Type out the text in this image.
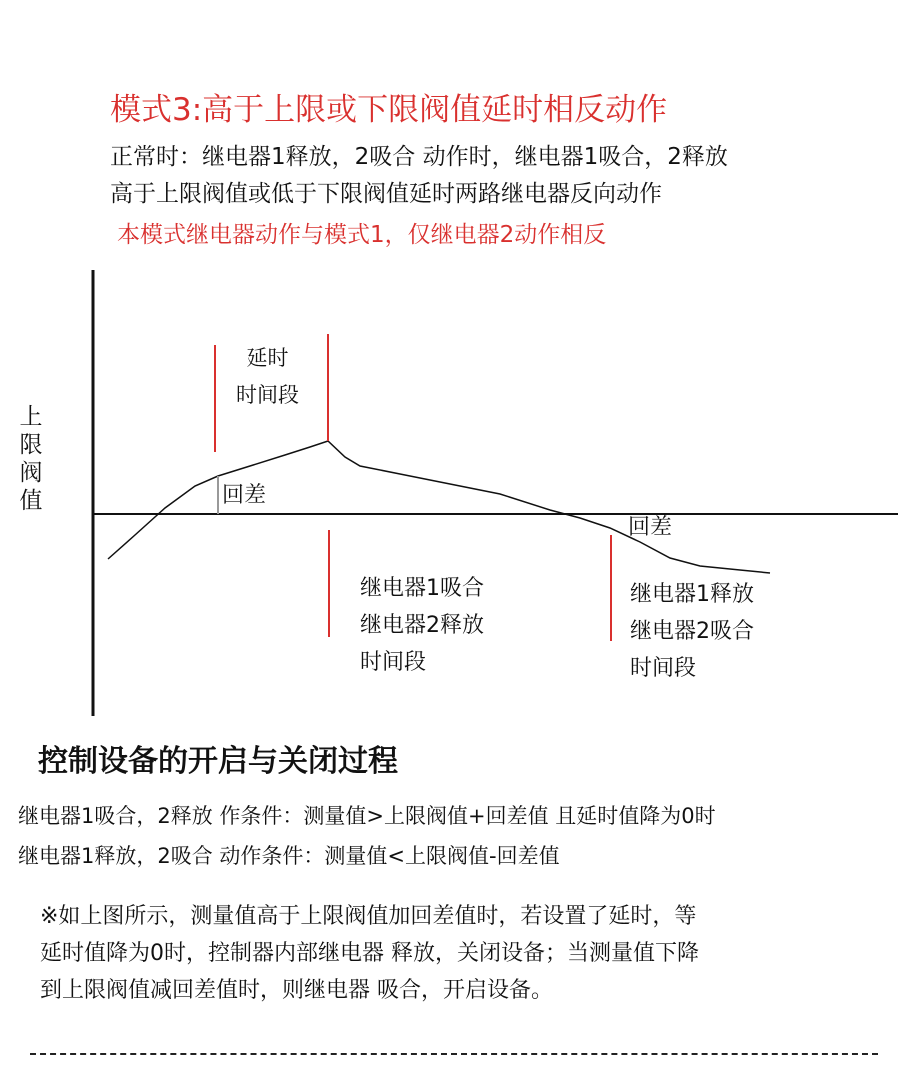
模式3:高于上限或下限阀值延时相反动作
正常时：继电器1释放，2吸合 动作时，继电器1吸合，2释放
高于上限阀值或低于下限阀值延时两路继电器反向动作
本模式继电器动作与模式1，仅继电器2动作相反
上
限
阀
值
延时
时间段
回差
回差
继电器1吸合
继电器2释放
时间段
继电器1释放
继电器2吸合
时间段
控制设备的开启与关闭过程
继电器1吸合，2释放 作条件：测量值>上限阀值+回差值 且延时值降为0时
继电器1释放，2吸合 动作条件：测量值<上限阀值-回差值
※如上图所示，测量值高于上限阀值加回差值时，若设置了延时，等
延时值降为0时，控制器内部继电器 释放，关闭设备；当测量值下降
到上限阀值减回差值时，则继电器 吸合，开启设备。
